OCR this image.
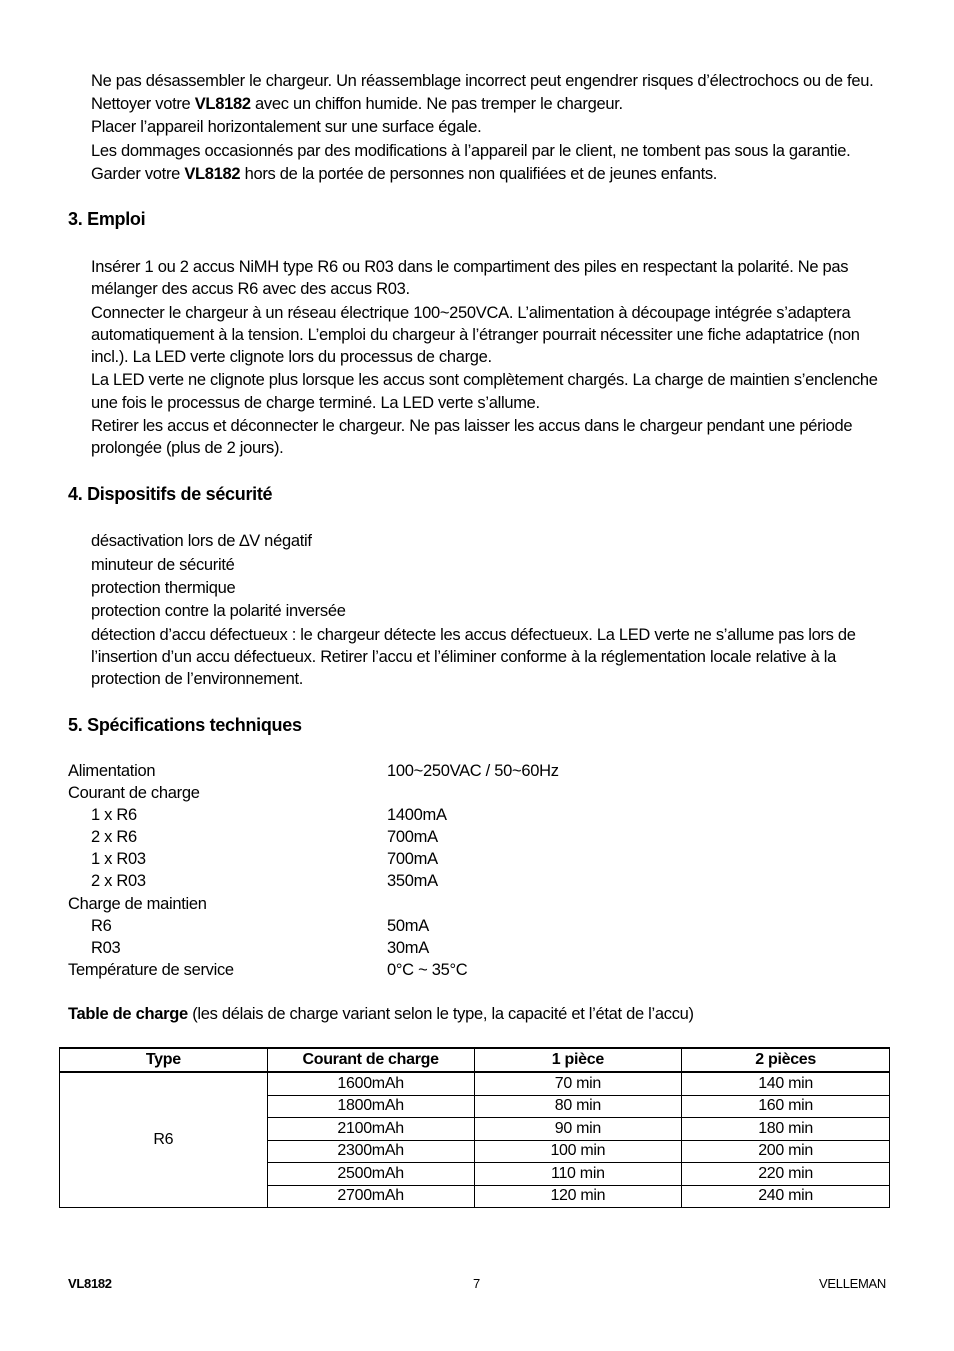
Ne pas désassembler le chargeur. Un réassemblage incorrect peut engendrer risques d’électrochocs ou de feu.
Nettoyer votre VL8182 avec un chiffon humide. Ne pas tremper le chargeur.
Placer l’appareil horizontalement sur une surface égale.
Les dommages occasionnés par des modifications à l’appareil par le client, ne tombent pas sous la garantie.
Garder votre VL8182 hors de la portée de personnes non qualifiées et de jeunes enfants.
3. Emploi
Insérer 1 ou 2 accus NiMH type R6 ou R03 dans le compartiment des piles en respectant la polarité. Ne pas
mélanger des accus R6 avec des accus R03.
Connecter le chargeur à un réseau électrique 100~250VCA. L’alimentation à découpage intégrée s’adaptera
automatiquement à la tension. L’emploi du chargeur à l’étranger pourrait nécessiter une fiche adaptatrice (non
incl.). La LED verte clignote lors du processus de charge.
La LED verte ne clignote plus lorsque les accus sont complètement chargés. La charge de maintien s’enclenche
une fois le processus de charge terminé. La LED verte s’allume.
Retirer les accus et déconnecter le chargeur. Ne pas laisser les accus dans le chargeur pendant une période
prolongée (plus de 2 jours).
4. Dispositifs de sécurité
désactivation lors de ∆V négatif
minuteur de sécurité
protection thermique
protection contre la polarité inversée
détection d’accu défectueux : le chargeur détecte les accus défectueux. La LED verte ne s’allume pas lors de
l’insertion d’un accu défectueux. Retirer l’accu et l’éliminer conforme à la réglementation locale relative à la
protection de l’environnement.
5. Spécifications techniques
Alimentation	100~250VAC / 50~60Hz
Courant de charge
1 x R6	1400mA
2 x R6	700mA
1 x R03	700mA
2 x R03	350mA
Charge de maintien
R6	50mA
R03	30mA
Température de service	0°C ~ 35°C
Table de charge (les délais de charge variant selon le type, la capacité et l’état de l’accu)
Type	Courant de charge	1 pièce	2 pièces
R6	1600mAh	70 min	140 min
	1800mAh	80 min	160 min
	2100mAh	90 min	180 min
	2300mAh	100 min	200 min
	2500mAh	110 min	220 min
	2700mAh	120 min	240 min
VL8182	7	VELLEMAN
